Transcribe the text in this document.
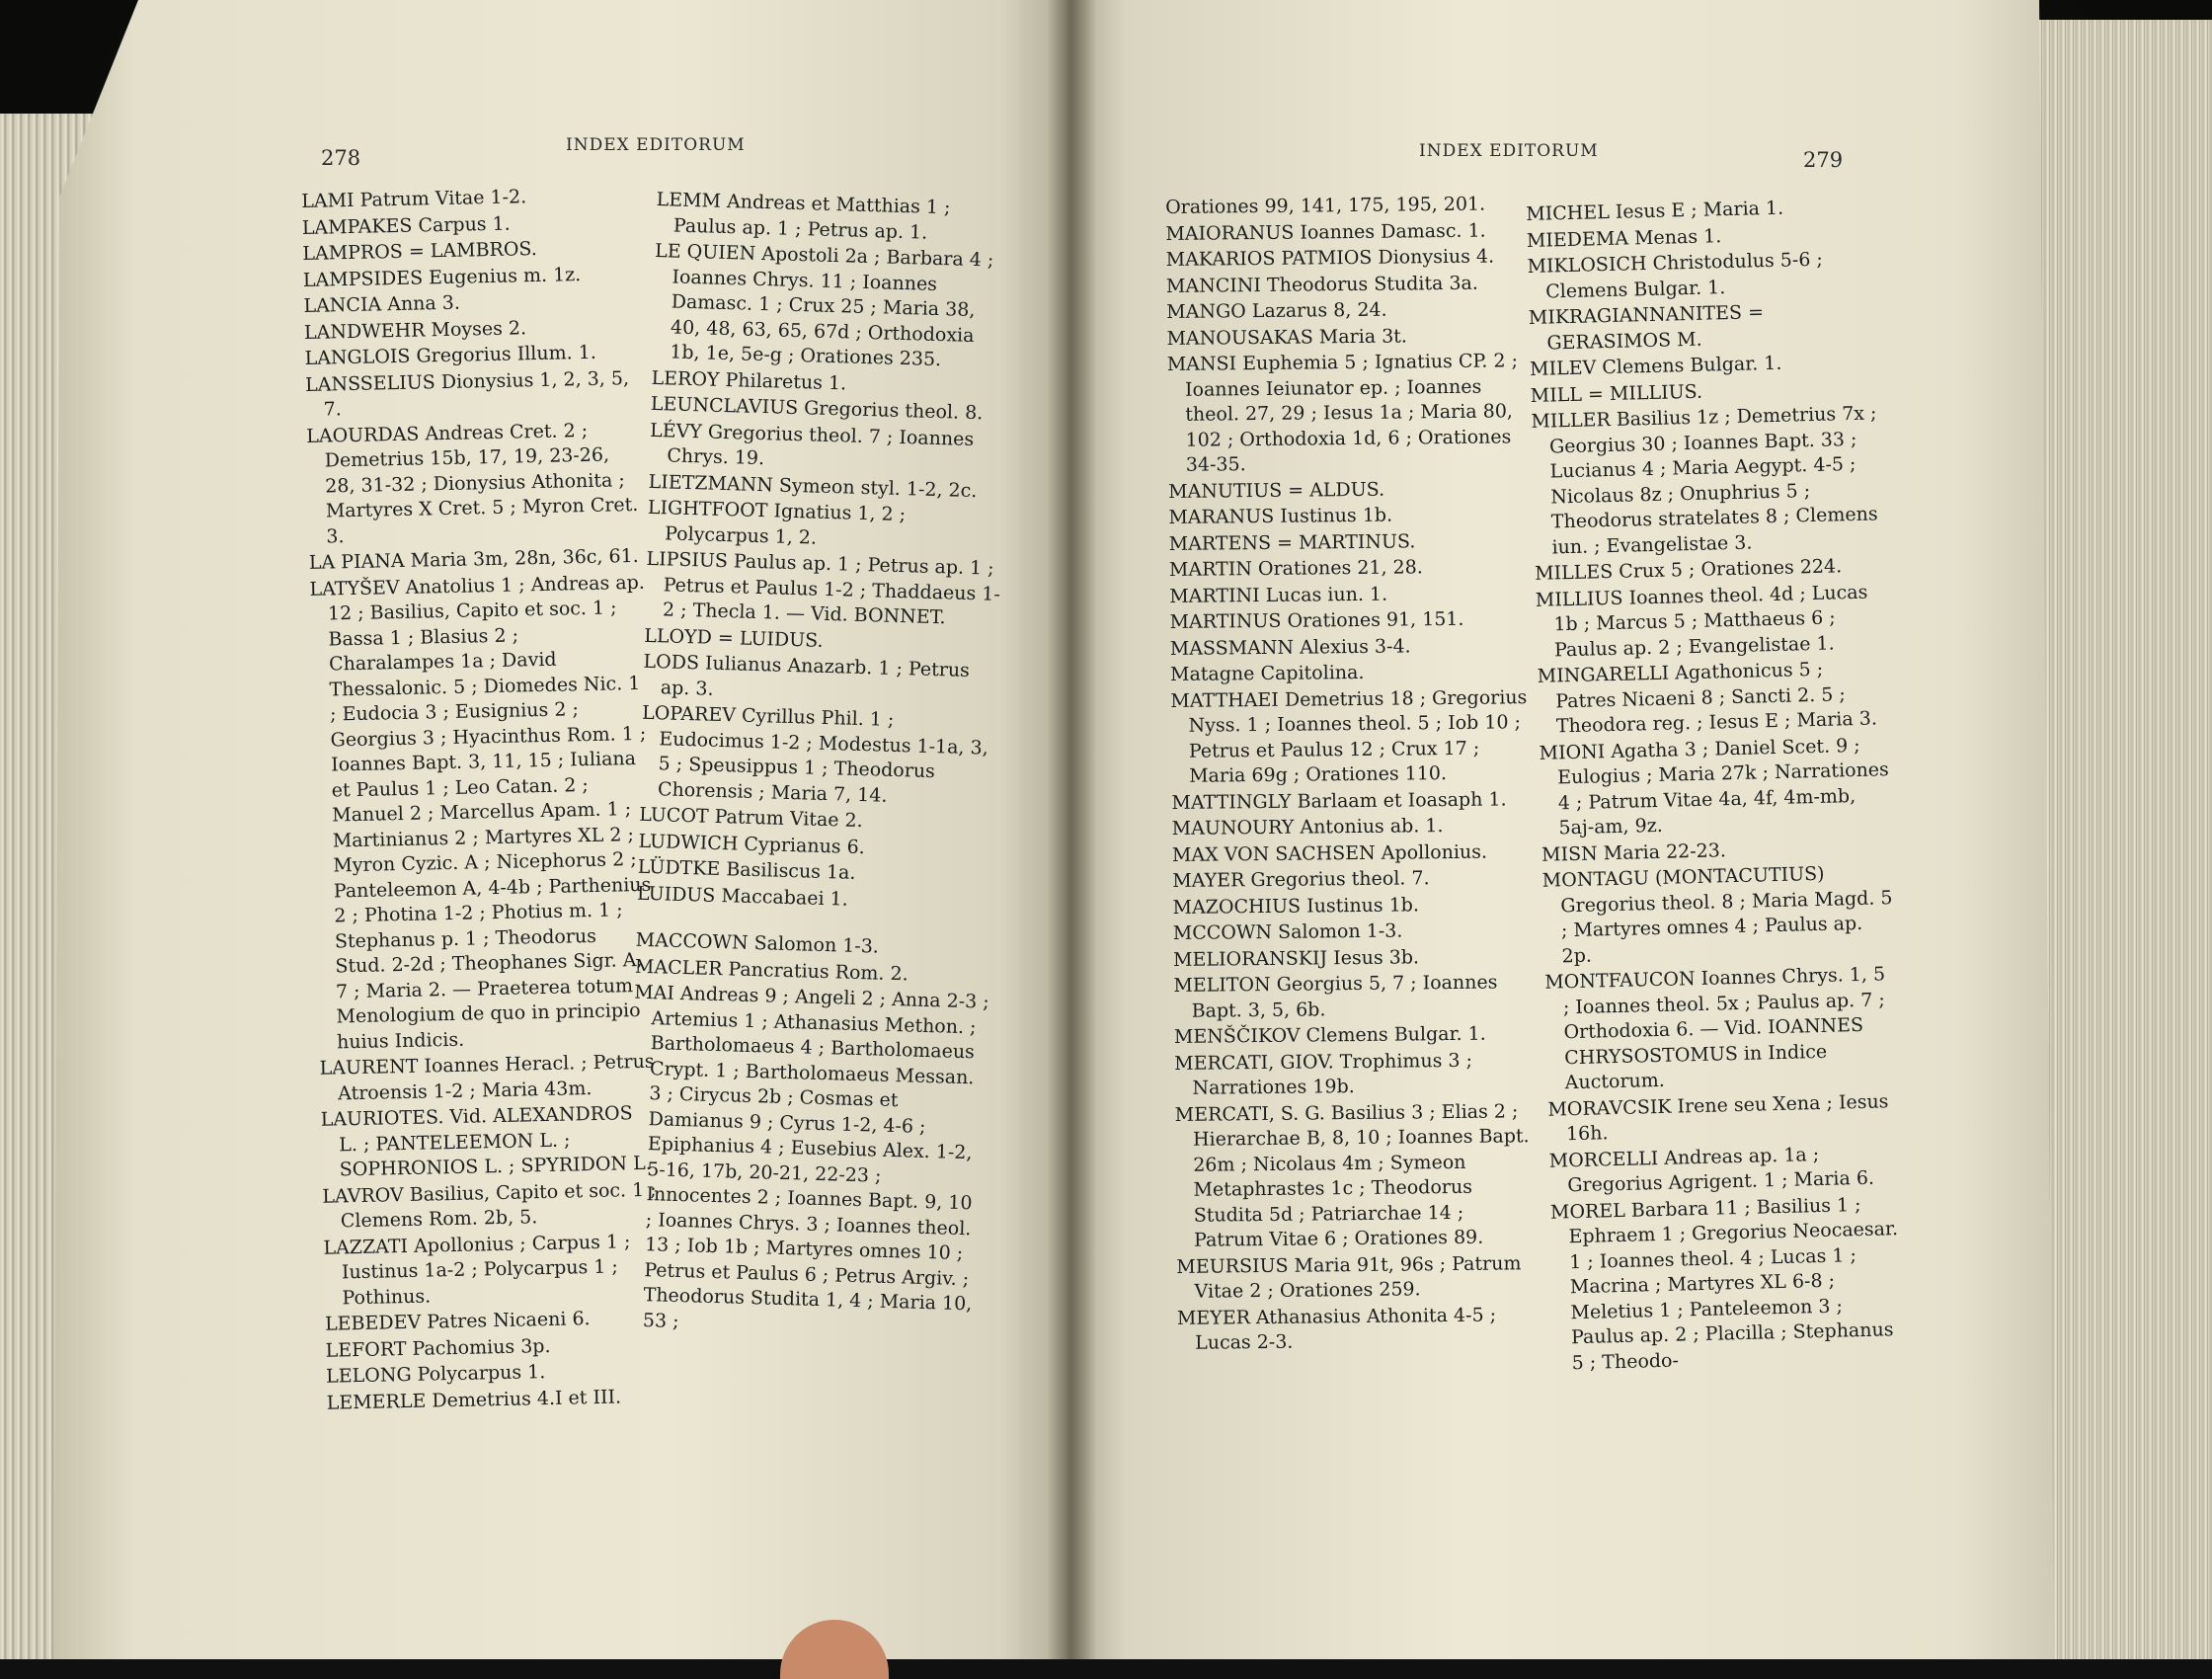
278
INDEX EDITORUM	INDEX EDITORUM	279
LAMI Patrum Vitae 1-2.
LAMPAKES Carpus 1.
LAMPROS = LAMBROS.
LAMPSIDES Eugenius m. 1z.
LANCIA Anna 3.
LANDWEHR Moyses 2.
LANGLOIS Gregorius Illum. 1.
LANSSELIUS Dionysius 1, 2, 3, 5, 7.
LAOURDAS Andreas Cret. 2 ; Demetrius 15b, 17, 19, 23-26, 28, 31-32 ; Dionysius Athonita ; Martyres X Cret. 5 ; Myron Cret. 3.
LA PIANA Maria 3m, 28n, 36c, 61.
LATYŠEV Anatolius 1 ; Andreas ap. 12 ; Basilius, Capito et soc. 1 ; Bassa 1 ; Blasius 2 ; Charalampes 1a ; David Thessalonic. 5 ; Diomedes Nic. 1 ; Eudocia 3 ; Eusignius 2 ; Georgius 3 ; Hyacinthus Rom. 1 ; Ioannes Bapt. 3, 11, 15 ; Iuliana et Paulus 1 ; Leo Catan. 2 ; Manuel 2 ; Marcellus Apam. 1 ; Martinianus 2 ; Martyres XL 2 ; Myron Cyzic. A ; Nicephorus 2 ; Panteleemon A, 4-4b ; Parthenius 2 ; Photina 1-2 ; Photius m. 1 ; Stephanus p. 1 ; Theodorus Stud. 2-2d ; Theophanes Sigr. A, 7 ; Maria 2. — Praeterea totum Menologium de quo in principio huius Indicis.
LAURENT Ioannes Heracl. ; Petrus Atroensis 1-2 ; Maria 43m.
LAURIOTES. Vid. ALEXANDROS L. ; PANTELEEMON L. ; SOPHRONIOS L. ; SPYRIDON L.
LAVROV Basilius, Capito et soc. 1 ; Clemens Rom. 2b, 5.
LAZZATI Apollonius ; Carpus 1 ; Iustinus 1a-2 ; Polycarpus 1 ; Pothinus.
LEBEDEV Patres Nicaeni 6.
LEFORT Pachomius 3p.
LELONG Polycarpus 1.
LEMERLE Demetrius 4.I et III.
LEMM Andreas et Matthias 1 ; Paulus ap. 1 ; Petrus ap. 1.
LE QUIEN Apostoli 2a ; Barbara 4 ; Ioannes Chrys. 11 ; Ioannes Damasc. 1 ; Crux 25 ; Maria 38, 40, 48, 63, 65, 67d ; Orthodoxia 1b, 1e, 5e-g ; Orationes 235.
LEROY Philaretus 1.
LEUNCLAVIUS Gregorius theol. 8.
LÉVY Gregorius theol. 7 ; Ioannes Chrys. 19.
LIETZMANN Symeon styl. 1-2, 2c.
LIGHTFOOT Ignatius 1, 2 ; Polycarpus 1, 2.
LIPSIUS Paulus ap. 1 ; Petrus ap. 1 ; Petrus et Paulus 1-2 ; Thaddaeus 1-2 ; Thecla 1. — Vid. BONNET.
LLOYD = LUIDUS.
LODS Iulianus Anazarb. 1 ; Petrus ap. 3.
LOPAREV Cyrillus Phil. 1 ; Eudocimus 1-2 ; Modestus 1-1a, 3, 5 ; Speusippus 1 ; Theodorus Chorensis ; Maria 7, 14.
LUCOT Patrum Vitae 2.
LUDWICH Cyprianus 6.
LÜDTKE Basiliscus 1a.
LUIDUS Maccabaei 1.
MACCOWN Salomon 1-3.
MACLER Pancratius Rom. 2.
MAI Andreas 9 ; Angeli 2 ; Anna 2-3 ; Artemius 1 ; Athanasius Methon. ; Bartholomaeus 4 ; Bartholomaeus Crypt. 1 ; Bartholomaeus Messan. 3 ; Cirycus 2b ; Cosmas et Damianus 9 ; Cyrus 1-2, 4-6 ; Epiphanius 4 ; Eusebius Alex. 1-2, 5-16, 17b, 20-21, 22-23 ; Innocentes 2 ; Ioannes Bapt. 9, 10 ; Ioannes Chrys. 3 ; Ioannes theol. 13 ; Iob 1b ; Martyres omnes 10 ; Petrus et Paulus 6 ; Petrus Argiv. ; Theodorus Studita 1, 4 ; Maria 10, 53 ;
Orationes 99, 141, 175, 195, 201.
MAIORANUS Ioannes Damasc. 1.
MAKARIOS PATMIOS Dionysius 4.
MANCINI Theodorus Studita 3a.
MANGO Lazarus 8, 24.
MANOUSAKAS Maria 3t.
MANSI Euphemia 5 ; Ignatius CP. 2 ; Ioannes Ieiunator ep. ; Ioannes theol. 27, 29 ; Iesus 1a ; Maria 80, 102 ; Orthodoxia 1d, 6 ; Orationes 34-35.
MANUTIUS = ALDUS.
MARANUS Iustinus 1b.
MARTENS = MARTINUS.
MARTIN Orationes 21, 28.
MARTINI Lucas iun. 1.
MARTINUS Orationes 91, 151.
MASSMANN Alexius 3-4.
Matagne Capitolina.
MATTHAEI Demetrius 18 ; Gregorius Nyss. 1 ; Ioannes theol. 5 ; Iob 10 ; Petrus et Paulus 12 ; Crux 17 ; Maria 69g ; Orationes 110.
MATTINGLY Barlaam et Ioasaph 1.
MAUNOURY Antonius ab. 1.
MAX VON SACHSEN Apollonius.
MAYER Gregorius theol. 7.
MAZOCHIUS Iustinus 1b.
MCCOWN Salomon 1-3.
MELIORANSKIJ Iesus 3b.
MELITON Georgius 5, 7 ; Ioannes Bapt. 3, 5, 6b.
MENŠČIKOV Clemens Bulgar. 1.
MERCATI, GIOV. Trophimus 3 ; Narrationes 19b.
MERCATI, S. G. Basilius 3 ; Elias 2 ; Hierarchae B, 8, 10 ; Ioannes Bapt. 26m ; Nicolaus 4m ; Symeon Metaphrastes 1c ; Theodorus Studita 5d ; Patriarchae 14 ; Patrum Vitae 6 ; Orationes 89.
MEURSIUS Maria 91t, 96s ; Patrum Vitae 2 ; Orationes 259.
MEYER Athanasius Athonita 4-5 ; Lucas 2-3.
MICHEL Iesus E ; Maria 1.
MIEDEMA Menas 1.
MIKLOSICH Christodulus 5-6 ; Clemens Bulgar. 1.
MIKRAGIANNANITES = GERASIMOS M.
MILEV Clemens Bulgar. 1.
MILL = MILLIUS.
MILLER Basilius 1z ; Demetrius 7x ; Georgius 30 ; Ioannes Bapt. 33 ; Lucianus 4 ; Maria Aegypt. 4-5 ; Nicolaus 8z ; Onuphrius 5 ; Theodorus stratelates 8 ; Clemens iun. ; Evangelistae 3.
MILLES Crux 5 ; Orationes 224.
MILLIUS Ioannes theol. 4d ; Lucas 1b ; Marcus 5 ; Matthaeus 6 ; Paulus ap. 2 ; Evangelistae 1.
MINGARELLI Agathonicus 5 ; Patres Nicaeni 8 ; Sancti 2. 5 ; Theodora reg. ; Iesus E ; Maria 3.
MIONI Agatha 3 ; Daniel Scet. 9 ; Eulogius ; Maria 27k ; Narrationes 4 ; Patrum Vitae 4a, 4f, 4m-mb, 5aj-am, 9z.
MISN Maria 22-23.
MONTAGU (MONTACUTIUS) Gregorius theol. 8 ; Maria Magd. 5 ; Martyres omnes 4 ; Paulus ap. 2p.
MONTFAUCON Ioannes Chrys. 1, 5 ; Ioannes theol. 5x ; Paulus ap. 7 ; Orthodoxia 6. — Vid. IOANNES CHRYSOSTOMUS in Indice Auctorum.
MORAVCSIK Irene seu Xena ; Iesus 16h.
MORCELLI Andreas ap. 1a ; Gregorius Agrigent. 1 ; Maria 6.
MOREL Barbara 11 ; Basilius 1 ; Ephraem 1 ; Gregorius Neocaesar. 1 ; Ioannes theol. 4 ; Lucas 1 ; Macrina ; Martyres XL 6-8 ; Meletius 1 ; Panteleemon 3 ; Paulus ap. 2 ; Placilla ; Stephanus 5 ; Theodo-
